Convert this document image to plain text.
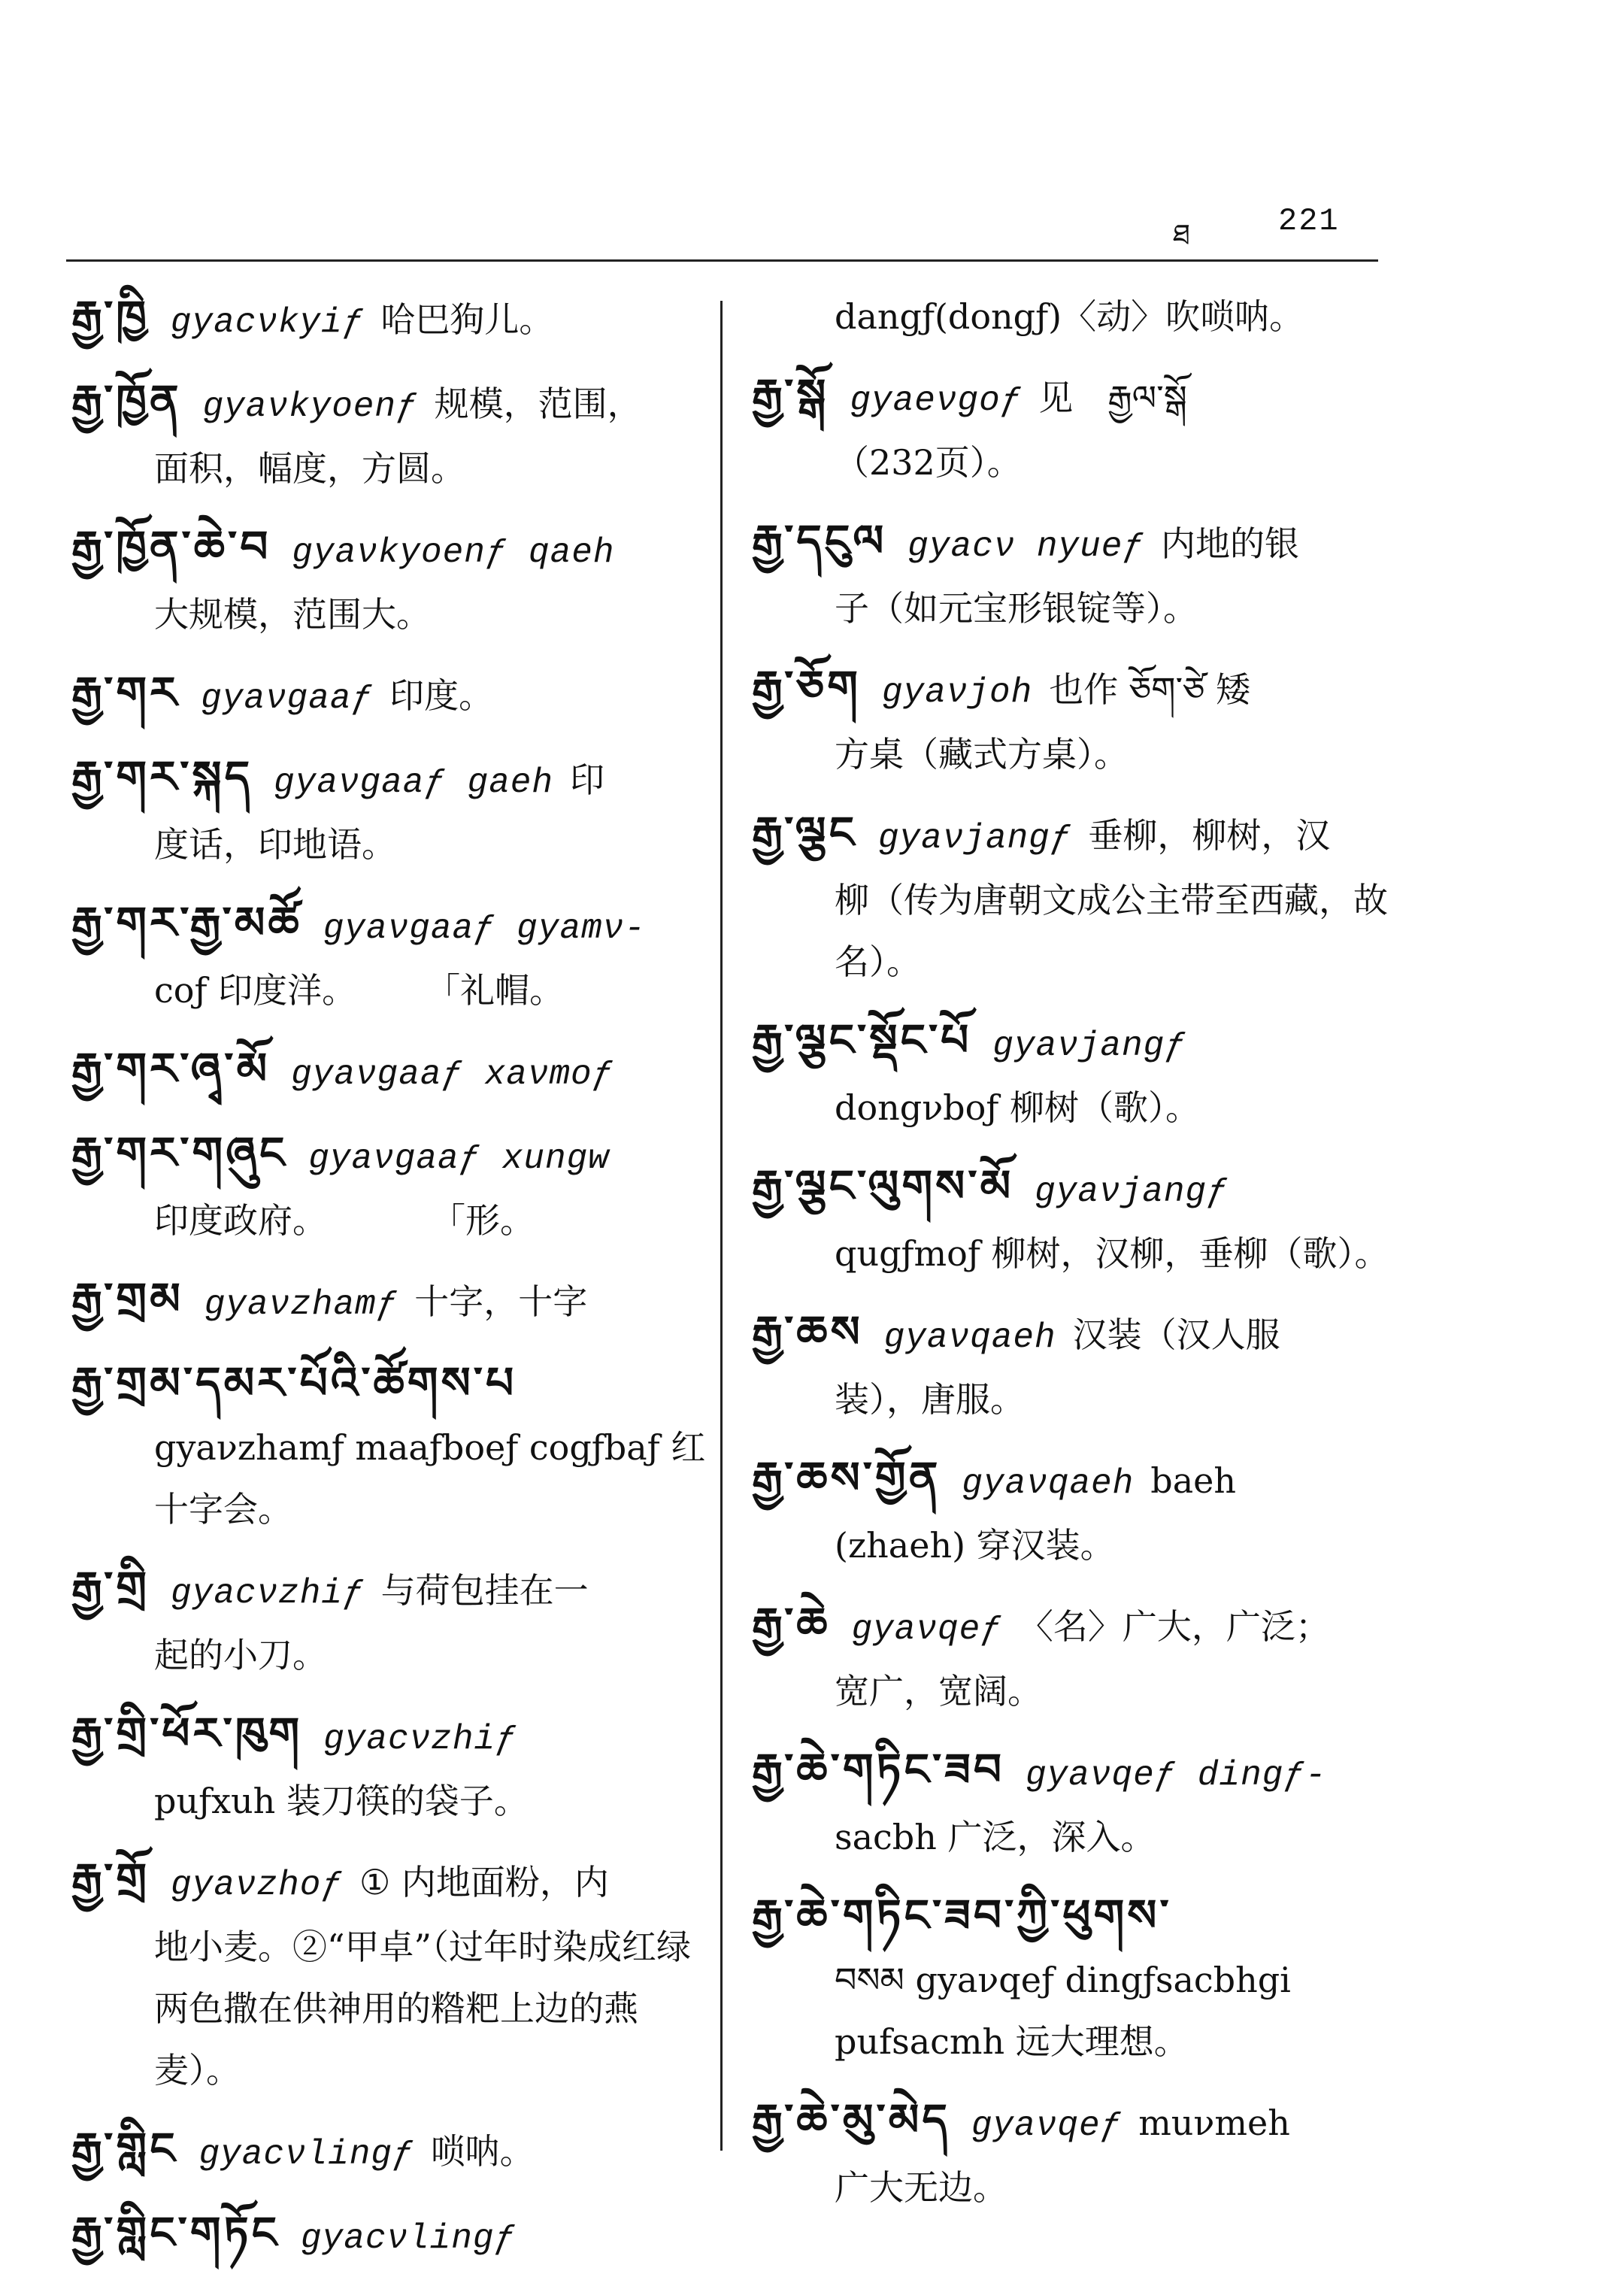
ཐ	221
རྒྱ་ཁྱི gyacνkyiƒ 哈巴狗儿。
རྒྱ་ཁྱོན gyaνkyoenƒ 规模，范围，
面积，幅度，方圆。
རྒྱ་ཁྱོན་ཆེ་བ gyaνkyoenƒ qaeh
大规模，范围大。
རྒྱ་གར gyaνgaaƒ 印度。
རྒྱ་གར་སྐད gyaνgaaƒ gaeh 印
度话，印地语。
རྒྱ་གར་རྒྱ་མཚོ gyaνgaaƒ gyamν-
coƒ 印度洋。　　　「礼帽。
རྒྱ་གར་ཞྭ་མོ gyaνgaaƒ xaνmoƒ
རྒྱ་གར་གཞུང gyaνgaaƒ xungw
印度政府。　　　　「形。
རྒྱ་གྲམ gyaνzhamƒ 十字，十字
རྒྱ་གྲམ་དམར་པོའི་ཚོགས་པ
gyaνzhamƒ maaƒboeƒ cogƒbaƒ 红十字会。
རྒྱ་གྲི gyacνzhiƒ 与荷包挂在一
起的小刀。
རྒྱ་གྲི་ཕོར་ཁུག gyacνzhiƒ
puƒxuh 装刀筷的袋子。
རྒྱ་གྲོ gyaνzhoƒ ① 内地面粉，内
地小麦。②“甲卓”（过年时染成红绿两色撒在供神用的糌粑上边的燕麦）。
རྒྱ་གླིང gyacνlingƒ 唢呐。
རྒྱ་གླིང་གཏོང gyacνlingƒ
dangƒ(dongƒ)〈动〉吹唢呐。
རྒྱ་སྒོ gyaeνgoƒ 见　རྒྱལ་སྒོ
（232页）。
རྒྱ་དངུལ gyacν nyueƒ 内地的银
子（如元宝形银锭等）。
རྒྱ་ཅོག gyaνjoh 也作 ཅོག་ཙེ 矮
方桌（藏式方桌）。
རྒྱ་ལྕང gyaνjangƒ 垂柳，柳树，汉
柳（传为唐朝文成公主带至西藏，故名）。
རྒྱ་ལྕང་སྡོང་པོ gyaνjangƒ
dongνboƒ 柳树（歌）。
རྒྱ་ལྕང་ལུགས་མོ gyaνjangƒ
qugƒmoƒ 柳树，汉柳，垂柳（歌）。
རྒྱ་ཆས gyaνqaeh 汉装（汉人服
装），唐服。
རྒྱ་ཆས་གྱོན gyaνqaeh baeh
(zhaeh) 穿汉装。
རྒྱ་ཆེ gyaνqeƒ 〈名〉广大，广泛；
宽广，宽阔。
རྒྱ་ཆེ་གཏིང་ཟབ gyaνqeƒ dingƒ-
sacbh 广泛，深入。
རྒྱ་ཆེ་གཏིང་ཟབ་ཀྱི་ཕུགས་
བསམ gyaνqeƒ dingƒsacbhgi pufsacmh 远大理想。
རྒྱ་ཆེ་མུ་མེད gyaνqeƒ muνmeh
广大无边。
